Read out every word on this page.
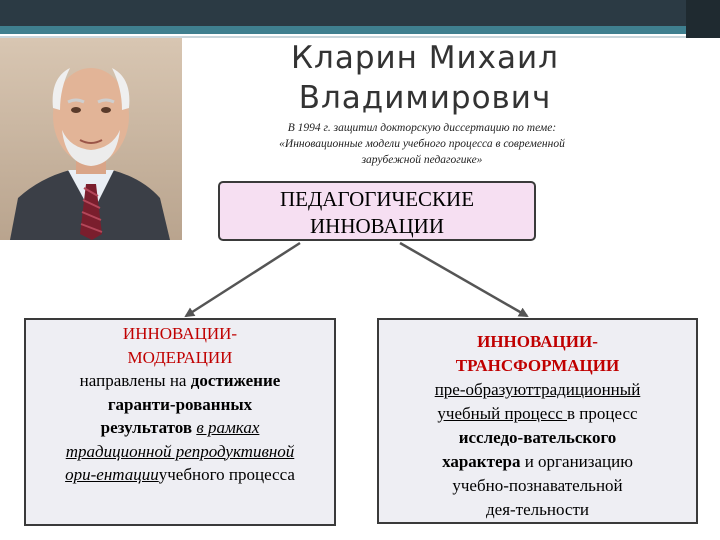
Кларин Михаил
Владимирович
В 1994 г. защитил докторскую диссертацию по теме:
«Инновационные модели учебного процесса в современной
зарубежной педагогике»
ПЕДАГОГИЧЕСКИЕ
ИННОВАЦИИ
ИННОВАЦИИ-
МОДЕРАЦИИ
направлены на достижение
гаранти-рованных
результатов в рамках
традиционной репродуктивной
ори-ентацииучебного процесса
ИННОВАЦИИ-
ТРАНСФОРМАЦИИ
пре-образуюттрадиционный
учебный процесс в процесс
исследо-вательского
характера и организацию
учебно-познавательной
дея-тельности
